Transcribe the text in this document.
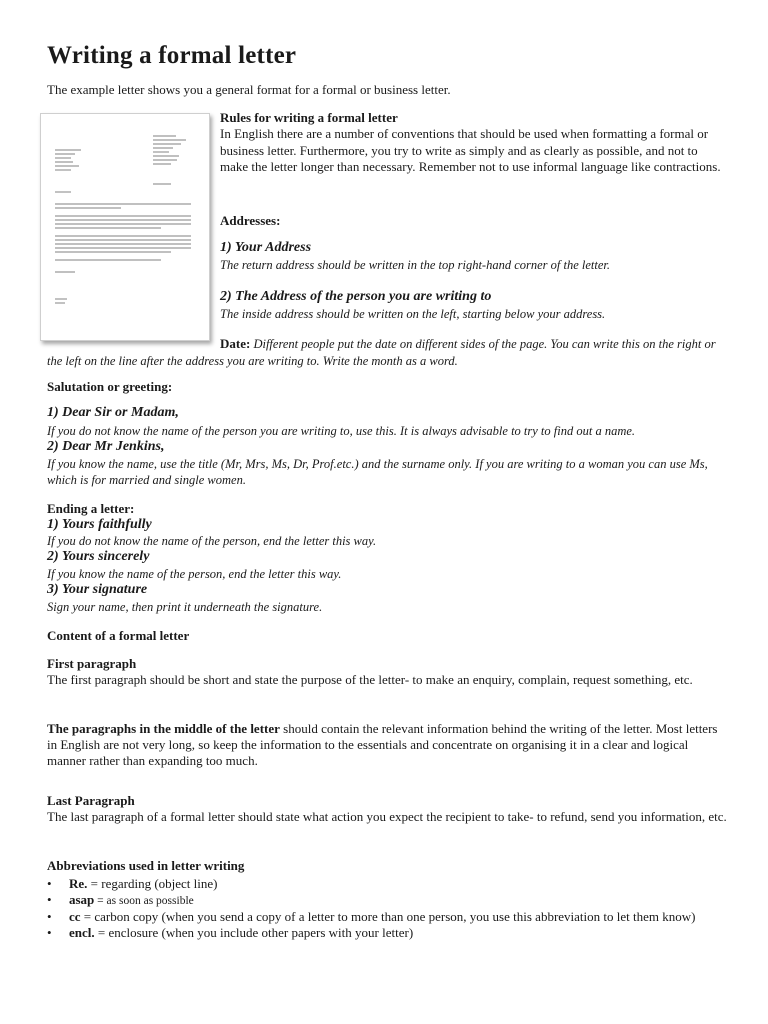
Writing a formal letter

The example letter shows you a general format for a formal or business letter.

Rules for writing a formal letter

In English there are a number of conventions that should be used when formatting a formal or business letter. Furthermore, you try to write as simply and as clearly as possible, and not to make the letter longer than necessary. Remember not to use informal language like contractions.

Addresses:

1) Your Address

The return address should be written in the top right-hand corner of the letter.

2) The Address of the person you are writing to

The inside address should be written on the left, starting below your address.

Date: Different people put the date on different sides of the page. You can write this on the right or the left on the line after the address you are writing to. Write the month as a word.

Salutation or greeting:

1) Dear Sir or Madam,

If you do not know the name of the person you are writing to, use this. It is always advisable to try to find out a name.

2) Dear Mr Jenkins,

If you know the name, use the title (Mr, Mrs, Ms, Dr, Prof.etc.) and the surname only. If you are writing to a woman you can use Ms, which is for married and single women.

Ending a letter:

1) Yours faithfully

If you do not know the name of the person, end the letter this way.

2) Yours sincerely

If you know the name of the person, end the letter this way.

3) Your signature

Sign your name, then print it underneath the signature.

Content of a formal letter

First paragraph

The first paragraph should be short and state the purpose of the letter- to make an enquiry, complain, request something, etc.

The paragraphs in the middle of the letter should contain the relevant information behind the writing of the letter. Most letters in English are not very long, so keep the information to the essentials and concentrate on organising it in a clear and logical manner rather than expanding too much.

Last Paragraph

The last paragraph of a formal letter should state what action you expect the recipient to take- to refund, send you information, etc.

Abbreviations used in letter writing

• Re. = regarding (object line)
• asap = as soon as possible
• cc = carbon copy (when you send a copy of a letter to more than one person, you use this abbreviation to let them know)
• encl. = enclosure (when you include other papers with your letter)
